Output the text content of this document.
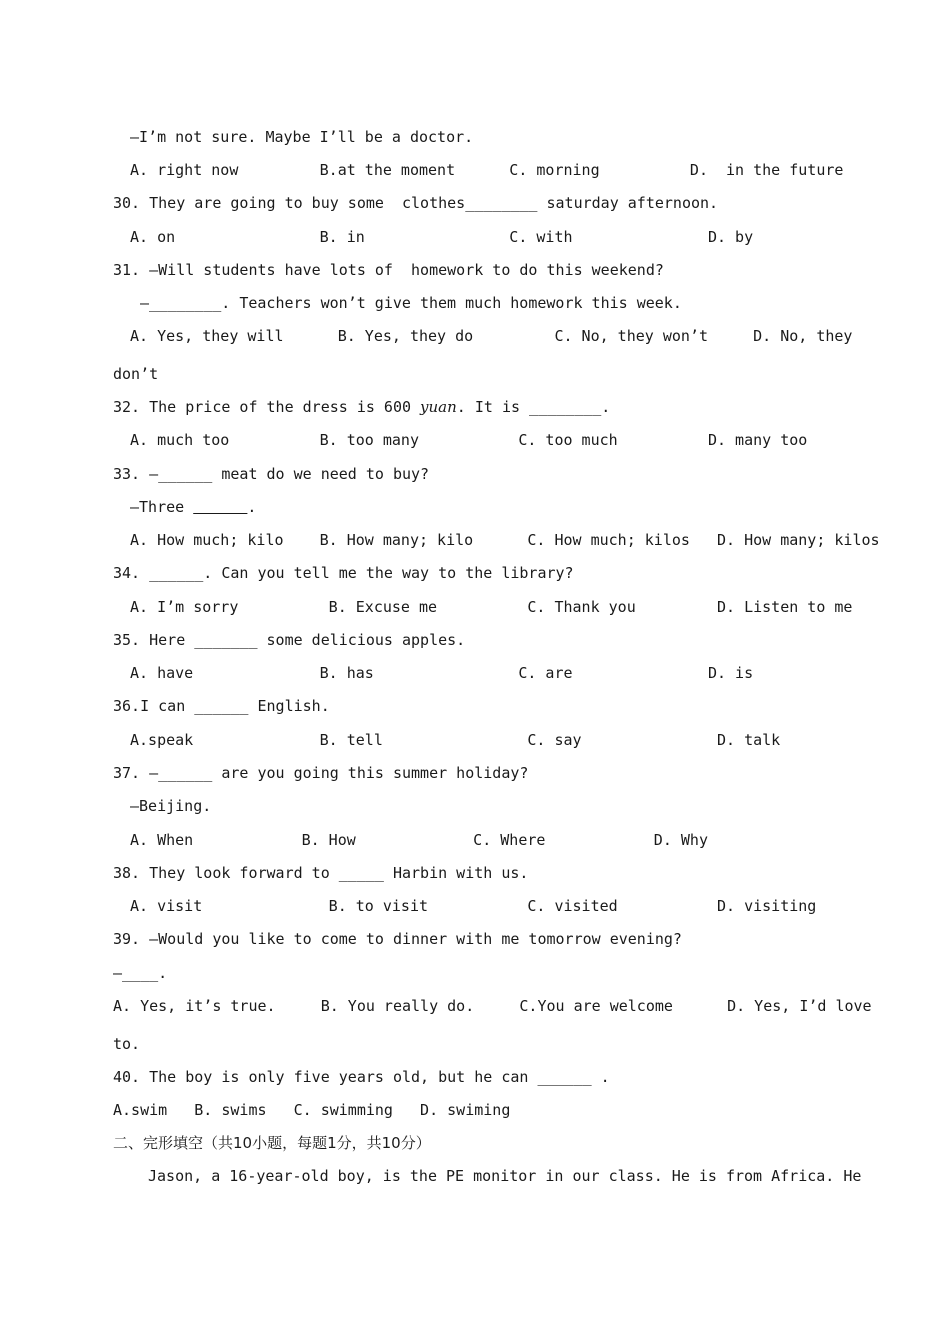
—I’m not sure. Maybe I’ll be a doctor.
A. right now         B.at the moment      C. morning          D.  in the future
30. They are going to buy some  clothes________ saturday afternoon.
A. on                B. in                C. with               D. by
31. —Will students have lots of  homework to do this weekend?
—________. Teachers won’t give them much homework this week.
A. Yes, they will      B. Yes, they do         C. No, they won’t     D. No, they
don’t
32. The price of the dress is 600 yuan. It is ________.
A. much too          B. too many           C. too much          D. many too
33. —______ meat do we need to buy?
—Three	.
A. How much; kilo    B. How many; kilo      C. How much; kilos   D. How many; kilos
34. ______. Can you tell me the way to the library?
A. I’m sorry          B. Excuse me          C. Thank you         D. Listen to me
35. Here _______ some delicious apples.
A. have              B. has                C. are               D. is
36.I can ______ English.
A.speak              B. tell                C. say               D. talk
37. —______ are you going this summer holiday?
—Beijing.
A. When            B. How             C. Where            D. Why
38. They look forward to _____ Harbin with us.
A. visit              B. to visit           C. visited           D. visiting
39. —Would you like to come to dinner with me tomorrow evening?
—____.
A. Yes, it’s true.     B. You really do.     C.You are welcome      D. Yes, I’d love
to.
40. The boy is only five years old, but he can ______ .
A.swim   B. swims   C. swimming   D. swiming
二、完形填空（共10小题，每题1分，共10分）
Jason, a 16-year-old boy, is the PE monitor in our class. He is from Africa. He
